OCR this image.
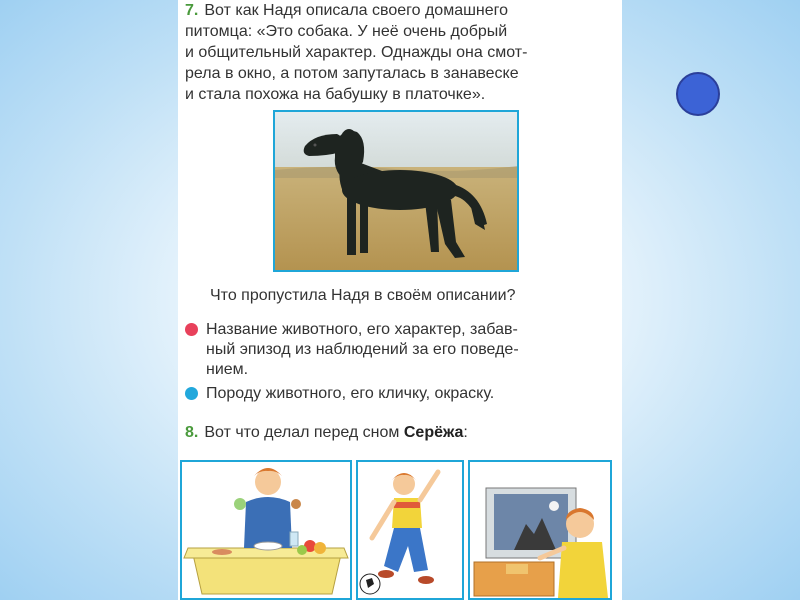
7. Вот как Надя описала своего домашнего
питомца: «Это собака. У неё очень добрый
и общительный характер. Однажды она смот-
рела в окно, а потом запуталась в занавеске
и стала похожа на бабушку в платочке».
Что пропустила Надя в своём описании?
Название животного, его характер, забав-
ный эпизод из наблюдений за его поведе-
нием.
Породу животного, его кличку, окраску.
8. Вот что делал перед сном Серёжа:
